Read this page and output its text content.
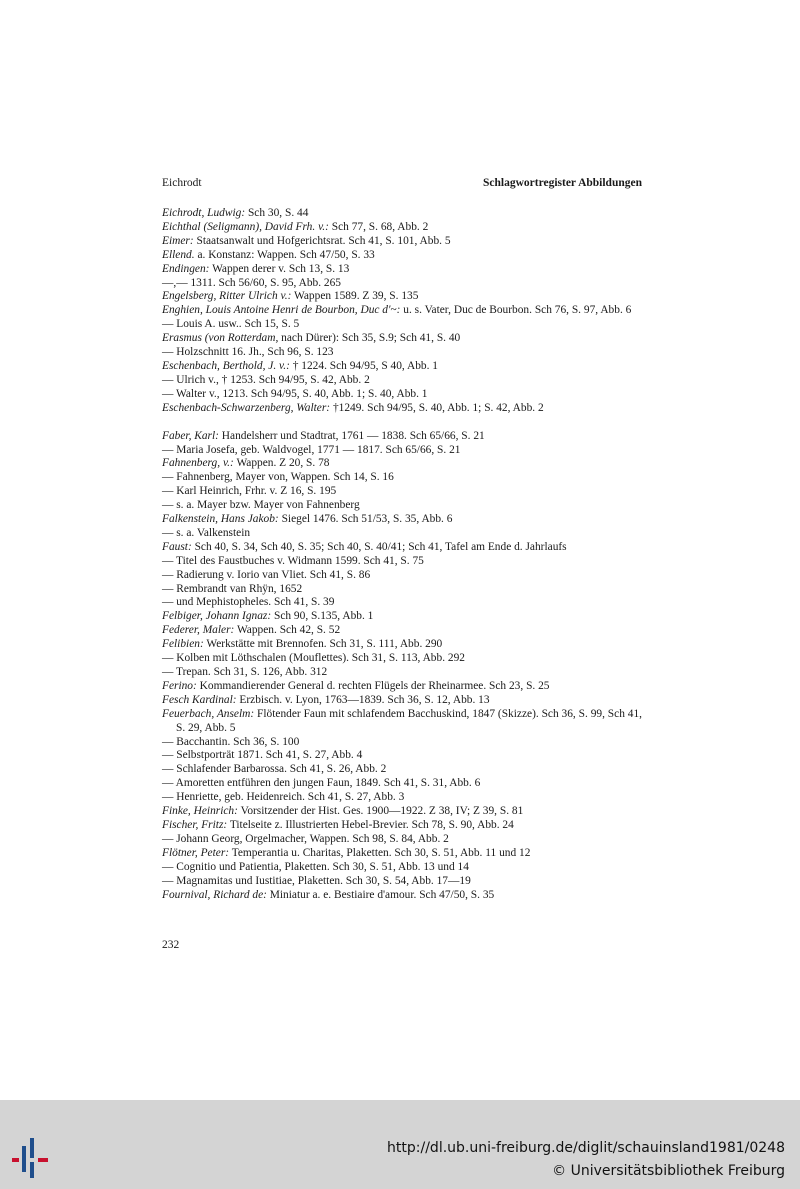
Eichrodt	Schlagwortregister Abbildungen
Eichrodt, Ludwig: Sch 30, S. 44
Eichthal (Seligmann), David Frh. v.: Sch 77, S. 68, Abb. 2
Eimer: Staatsanwalt und Hofgerichtsrat. Sch 41, S. 101, Abb. 5
Ellend. a. Konstanz: Wappen. Sch 47/50, S. 33
Endingen: Wappen derer v. Sch 13, S. 13
—,— 1311. Sch 56/60, S. 95, Abb. 265
Engelsberg, Ritter Ulrich v.: Wappen 1589. Z 39, S. 135
Enghien, Louis Antoine Henri de Bourbon, Duc d'~: u. s. Vater, Duc de Bourbon. Sch 76, S. 97, Abb. 6
— Louis A. usw.. Sch 15, S. 5
Erasmus (von Rotterdam, nach Dürer): Sch 35, S.9; Sch 41, S. 40
— Holzschnitt 16. Jh., Sch 96, S. 123
Eschenbach, Berthold, J. v.: † 1224. Sch 94/95, S 40, Abb. 1
— Ulrich v., † 1253. Sch 94/95, S. 42, Abb. 2
— Walter v., 1213. Sch 94/95, S. 40, Abb. 1; S. 40, Abb. 1
Eschenbach-Schwarzenberg, Walter: †1249. Sch 94/95, S. 40, Abb. 1; S. 42, Abb. 2
Faber, Karl: Handelsherr und Stadtrat, 1761 — 1838. Sch 65/66, S. 21
— Maria Josefa, geb. Waldvogel, 1771 — 1817. Sch 65/66, S. 21
Fahnenberg, v.: Wappen. Z 20, S. 78
— Fahnenberg, Mayer von, Wappen. Sch 14, S. 16
— Karl Heinrich, Frhr. v. Z 16, S. 195
— s. a. Mayer bzw. Mayer von Fahnenberg
Falkenstein, Hans Jakob: Siegel 1476. Sch 51/53, S. 35, Abb. 6
— s. a. Valkenstein
Faust: Sch 40, S. 34, Sch 40, S. 35; Sch 40, S. 40/41; Sch 41, Tafel am Ende d. Jahrlaufs
— Titel des Faustbuches v. Widmann 1599. Sch 41, S. 75
— Radierung v. Iorio van Vliet. Sch 41, S. 86
— Rembrandt van Rhÿn, 1652
— und Mephistopheles. Sch 41, S. 39
Felbiger, Johann Ignaz: Sch 90, S.135, Abb. 1
Federer, Maler: Wappen. Sch 42, S. 52
Felibien: Werkstätte mit Brennofen. Sch 31, S. 111, Abb. 290
— Kolben mit Löthschalen (Mouflettes). Sch 31, S. 113, Abb. 292
— Trepan. Sch 31, S. 126, Abb. 312
Ferino: Kommandierender General d. rechten Flügels der Rheinarmee. Sch 23, S. 25
Fesch Kardinal: Erzbisch. v. Lyon, 1763—1839. Sch 36, S. 12, Abb. 13
Feuerbach, Anselm: Flötender Faun mit schlafendem Bacchuskind, 1847 (Skizze). Sch 36, S. 99, Sch 41, S. 29, Abb. 5
— Bacchantin. Sch 36, S. 100
— Selbstporträt 1871. Sch 41, S. 27, Abb. 4
— Schlafender Barbarossa. Sch 41, S. 26, Abb. 2
— Amoretten entführen den jungen Faun, 1849. Sch 41, S. 31, Abb. 6
— Henriette, geb. Heidenreich. Sch 41, S. 27, Abb. 3
Finke, Heinrich: Vorsitzender der Hist. Ges. 1900—1922. Z 38, IV; Z 39, S. 81
Fischer, Fritz: Titelseite z. Illustrierten Hebel-Brevier. Sch 78, S. 90, Abb. 24
— Johann Georg, Orgelmacher, Wappen. Sch 98, S. 84, Abb. 2
Flötner, Peter: Temperantia u. Charitas, Plaketten. Sch 30, S. 51, Abb. 11 und 12
— Cognitio und Patientia, Plaketten. Sch 30, S. 51, Abb. 13 und 14
— Magnamitas und Iustitiae, Plaketten. Sch 30, S. 54, Abb. 17—19
Fournival, Richard de: Miniatur a. e. Bestiaire d'amour. Sch 47/50, S. 35
232
http://dl.ub.uni-freiburg.de/diglit/schauinsland1981/0248
© Universitätsbibliothek Freiburg
